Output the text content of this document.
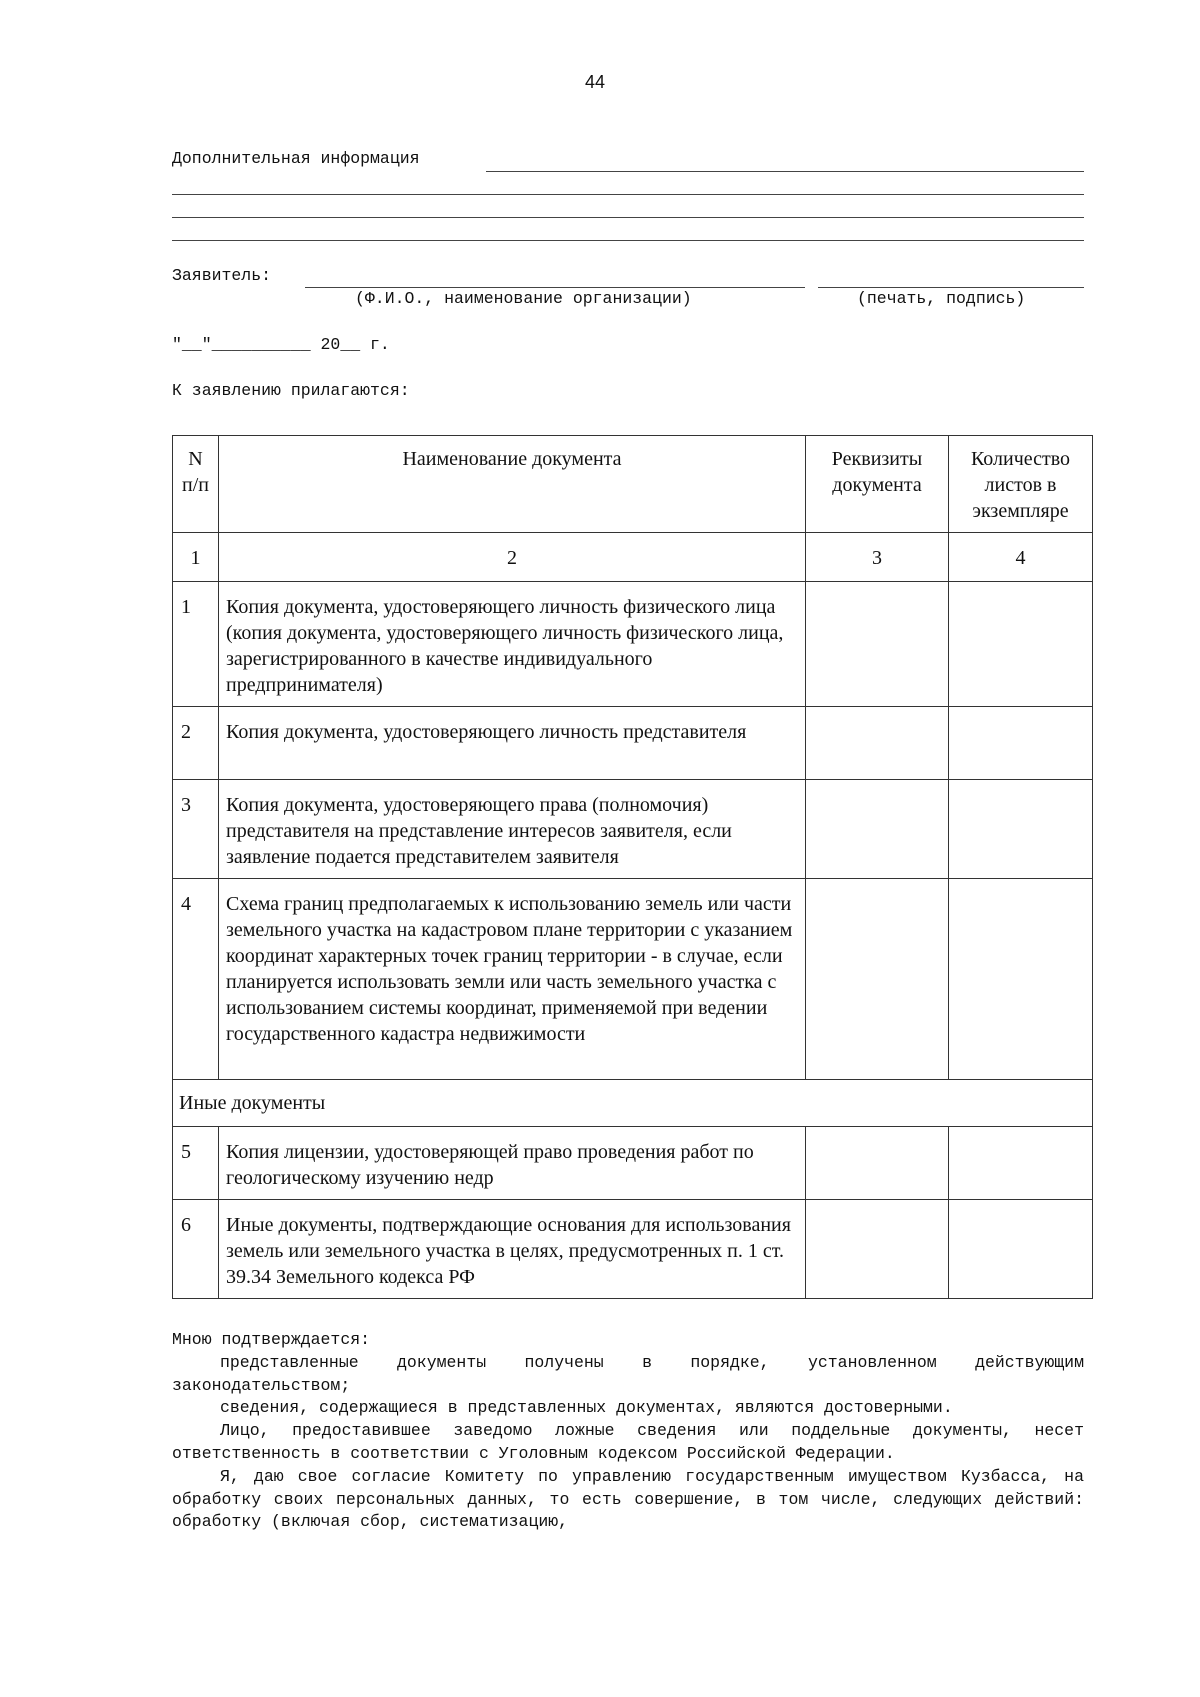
44
Дополнительная информация
Заявитель:
(Ф.И.О., наименование организации)	(печать, подпись)
"__"__________ 20__ г.
К заявлению прилагаются:
N
п/п	Наименование документа	Реквизиты документа	Количество листов в экземпляре
1	2	3	4
1	Копия документа, удостоверяющего личность физического лица (копия документа, удостоверяющего личность физического лица, зарегистрированного в качестве индивидуального предпринимателя)		
2	Копия документа, удостоверяющего личность представителя		
3	Копия документа, удостоверяющего права (полномочия) представителя на представление интересов заявителя, если заявление подается представителем заявителя		
4	Схема границ предполагаемых к использованию земель или части земельного участка на кадастровом плане территории с указанием координат характерных точек границ территории - в случае, если планируется использовать земли или часть земельного участка с использованием системы координат, применяемой при ведении государственного кадастра недвижимости		
Иные документы			
5	Копия лицензии, удостоверяющей право проведения работ по геологическому изучению недр		
6	Иные документы, подтверждающие основания для использования земель или земельного участка в целях, предусмотренных п. 1 ст. 39.34 Земельного кодекса РФ		

Мною подтверждается:

представленные документы получены в порядке, установленном действующим законодательством;

сведения, содержащиеся в представленных документах, являются достоверными.

Лицо, предоставившее заведомо ложные сведения или поддельные документы, несет ответственность в соответствии с Уголовным кодексом Российской Федерации.

Я, даю свое согласие Комитету по управлению государственным имуществом Кузбасса, на обработку своих персональных данных, то есть совершение, в том числе, следующих действий: обработку (включая сбор, систематизацию,
